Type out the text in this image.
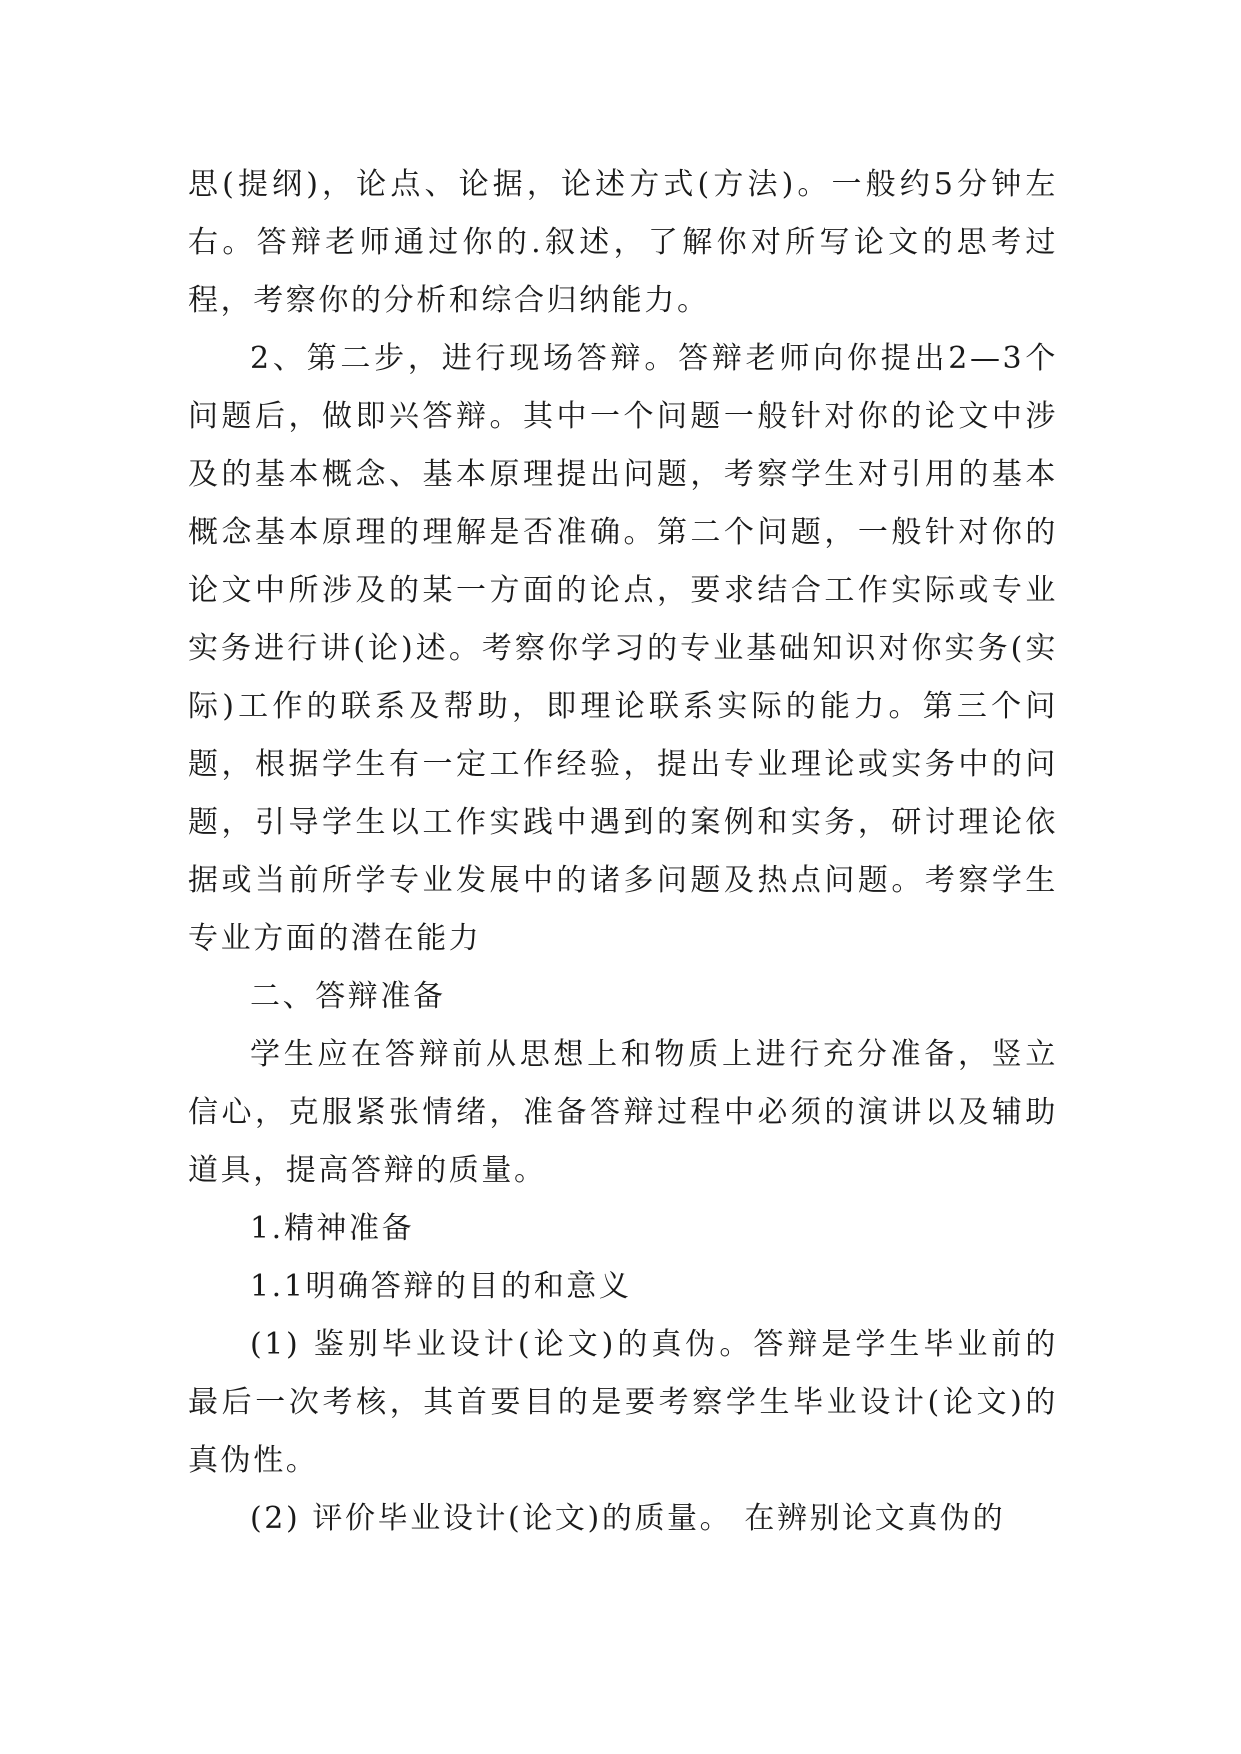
思(提纲)，论点、论据，论述方式(方法)。一般约5分钟左右。答辩老师通过你的.叙述，了解你对所写论文的思考过程，考察你的分析和综合归纳能力。

2、第二步，进行现场答辩。答辩老师向你提出2—3个问题后，做即兴答辩。其中一个问题一般针对你的论文中涉及的基本概念、基本原理提出问题，考察学生对引用的基本概念基本原理的理解是否准确。第二个问题，一般针对你的论文中所涉及的某一方面的论点，要求结合工作实际或专业实务进行讲(论)述。考察你学习的专业基础知识对你实务(实际)工作的联系及帮助，即理论联系实际的能力。第三个问题，根据学生有一定工作经验，提出专业理论或实务中的问题，引导学生以工作实践中遇到的案例和实务，研讨理论依据或当前所学专业发展中的诸多问题及热点问题。考察学生专业方面的潜在能力

二、答辩准备

学生应在答辩前从思想上和物质上进行充分准备，竖立信心，克服紧张情绪，准备答辩过程中必须的演讲以及辅助道具，提高答辩的质量。

1.精神准备

1.1明确答辩的目的和意义

(1) 鉴别毕业设计(论文)的真伪。答辩是学生毕业前的最后一次考核，其首要目的是要考察学生毕业设计(论文)的真伪性。

(2) 评价毕业设计(论文)的质量。 在辨别论文真伪的
